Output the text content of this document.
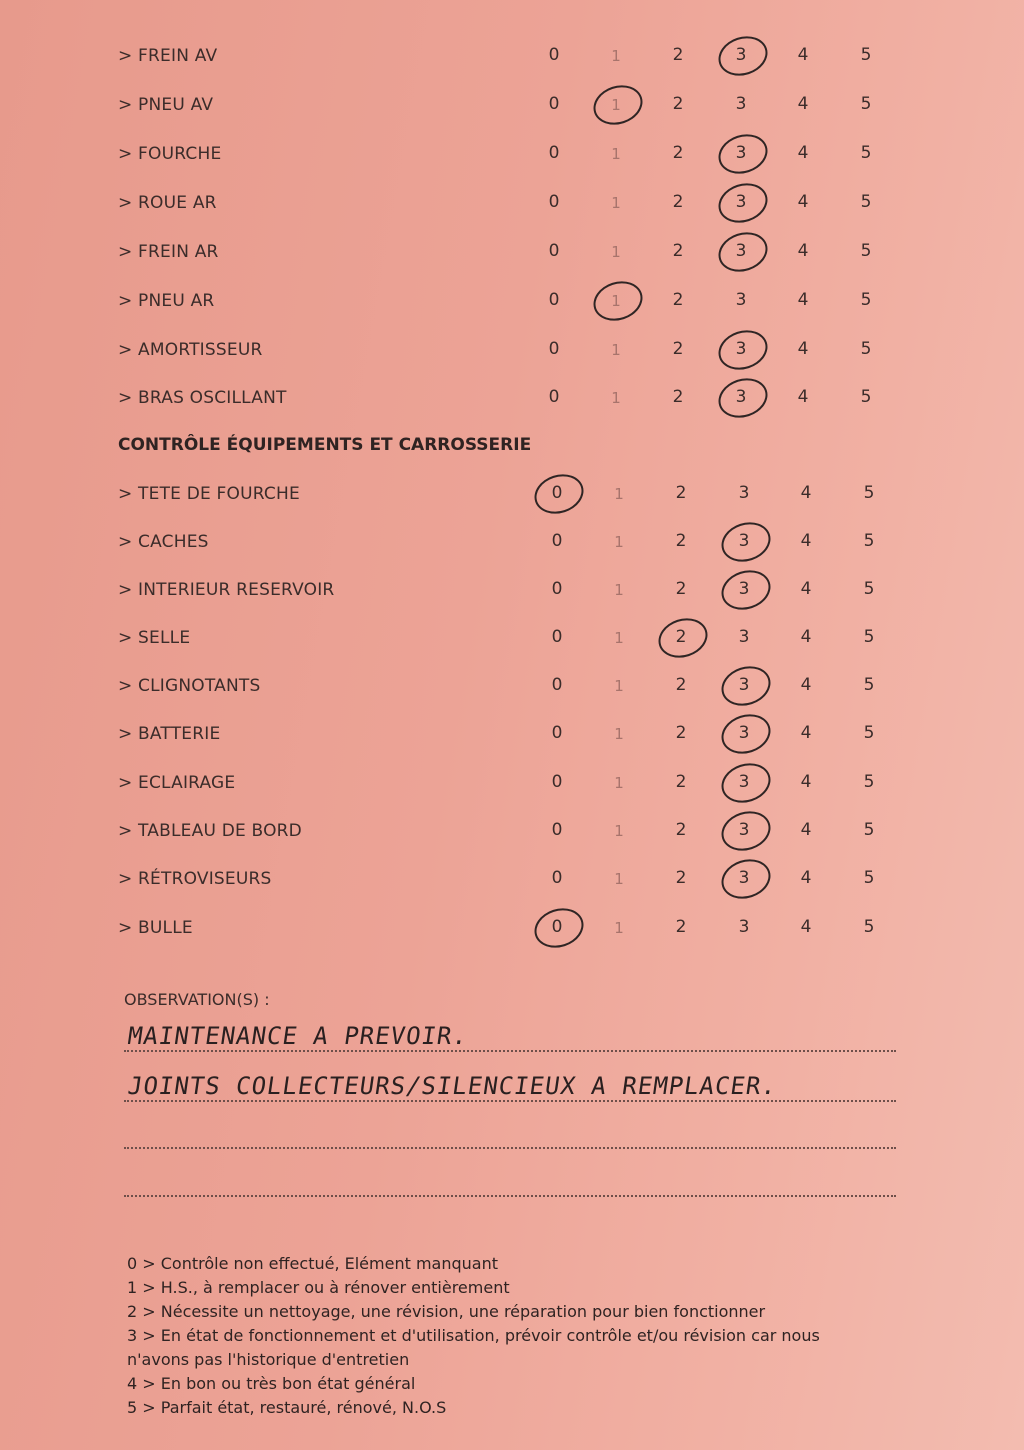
> FREIN AV	0	1	2	3	4	5
> PNEU AV	0	1	2	3	4	5
> FOURCHE	0	1	2	3	4	5
> ROUE AR	0	1	2	3	4	5
> FREIN AR	0	1	2	3	4	5
> PNEU AR	0	1	2	3	4	5
> AMORTISSEUR	0	1	2	3	4	5
> BRAS OSCILLANT	0	1	2	3	4	5
> TETE DE FOURCHE	0	1	2	3	4	5
> CACHES	0	1	2	3	4	5
> INTERIEUR RESERVOIR	0	1	2	3	4	5
> SELLE	0	1	2	3	4	5
> CLIGNOTANTS	0	1	2	3	4	5
> BATTERIE	0	1	2	3	4	5
> ECLAIRAGE	0	1	2	3	4	5
> TABLEAU DE BORD	0	1	2	3	4	5
> RÉTROVISEURS	0	1	2	3	4	5
> BULLE	0	1	2	3	4	5
CONTRÔLE ÉQUIPEMENTS ET CARROSSERIE
OBSERVATION(S) :
MAINTENANCE A PREVOIR.
JOINTS COLLECTEURS/SILENCIEUX A REMPLACER.
0 > Contrôle non effectué, Elément manquant
1 > H.S., à remplacer ou à rénover entièrement
2 > Nécessite un nettoyage, une révision, une réparation pour bien fonctionner
3 > En état de fonctionnement et d'utilisation, prévoir contrôle et/ou révision car nous
n'avons pas l'historique d'entretien
4 > En bon ou très bon état général
5 > Parfait état, restauré, rénové, N.O.S
